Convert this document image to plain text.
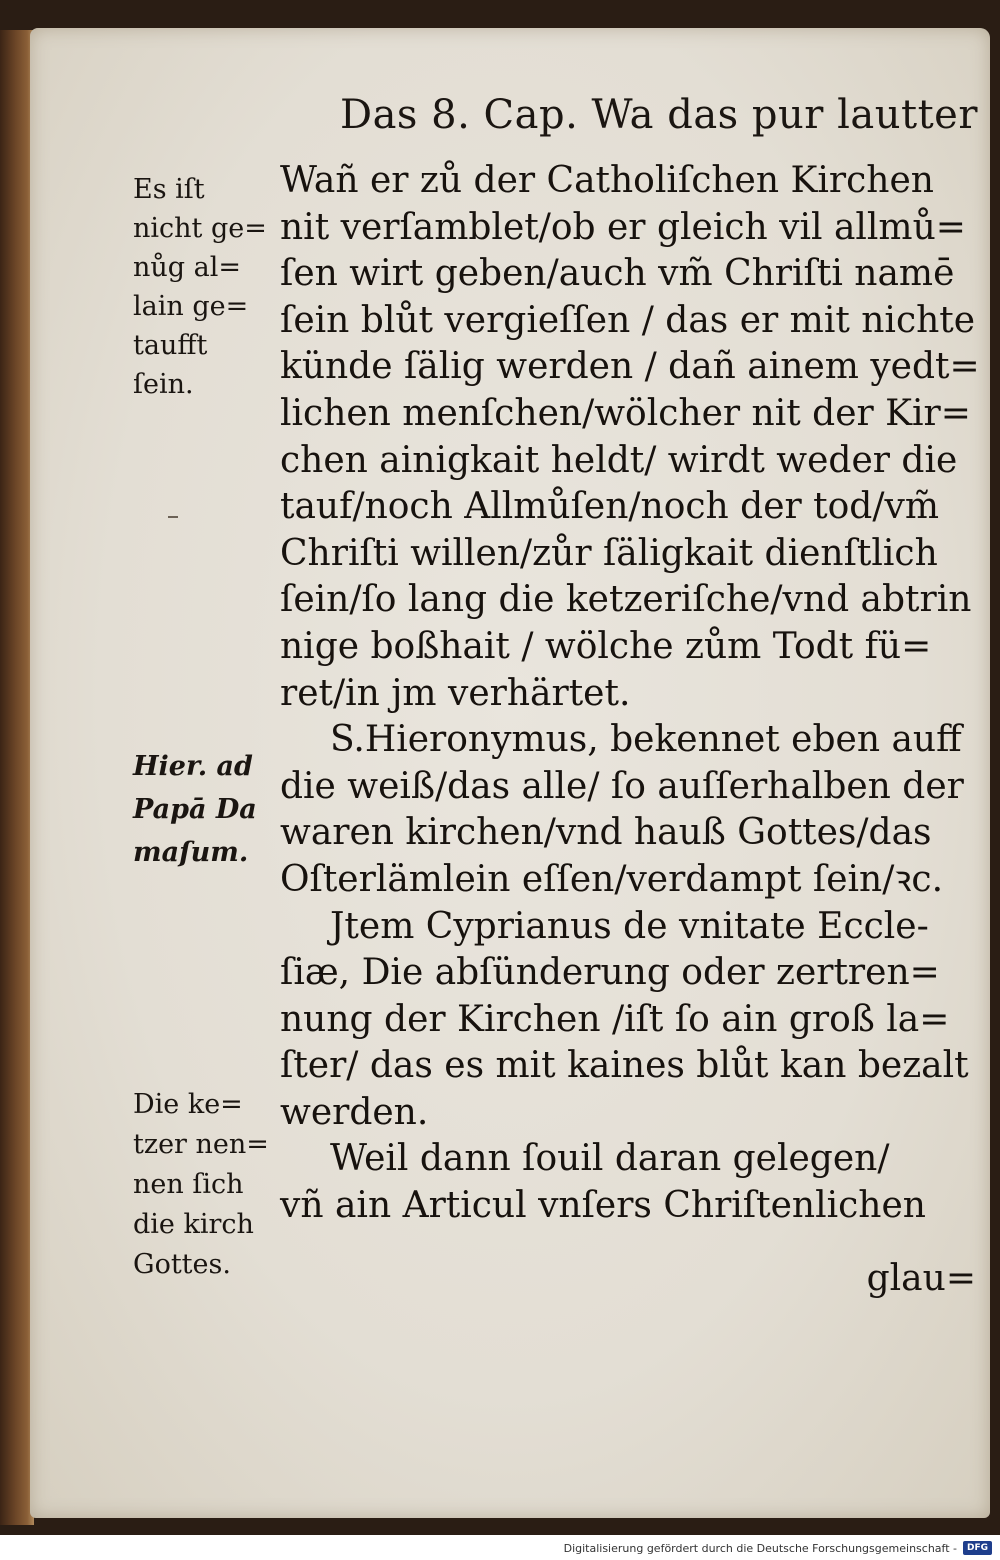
Das 8. Cap. Wa das pur lautter
Es iſt
nicht ge=
nůg al=
lain ge=
taufft
ſein.
Hier. ad
Papā Da
maſum.
Die ke=
tzer nen=
nen ſich
die kirch
Gottes.
Wañ er zů der Catholiſchen Kirchen
nit verſamblet/ob er gleich vil allmů=
ſen wirt geben/auch vm̃ Chriſti namē
ſein blůt vergieſſen / das er mit nichte
künde ſälig werden / dañ ainem yedt=
lichen menſchen/wölcher nit der Kir=
chen ainigkait heldt/ wirdt weder die
tauf/noch Allmůſen/noch der tod/vm̃
Chriſti willen/zůr ſäligkait dienſtlich
ſein/ſo lang die ketzeriſche/vnd abtrin
nige boßhait / wölche zům Todt fü=
ret/in jm verhärtet.
S.Hieronymus, bekennet eben auff
die weiß/das alle/ ſo auſſerhalben der
waren kirchen/vnd hauß Gottes/das
Oſterlämlein eſſen/verdampt ſein/ꝛc.
Jtem Cyprianus de vnitate Eccle-
ſiæ, Die abſünderung oder zertren=
nung der Kirchen /iſt ſo ain groß la=
ſter/ das es mit kaines blůt kan bezalt
werden.
Weil dann ſouil daran gelegen/
vñ ain Articul vnſers Chriſtenlichen
glau=
Digitalisierung gefördert durch die Deutsche Forschungsgemeinschaft -	DFG
